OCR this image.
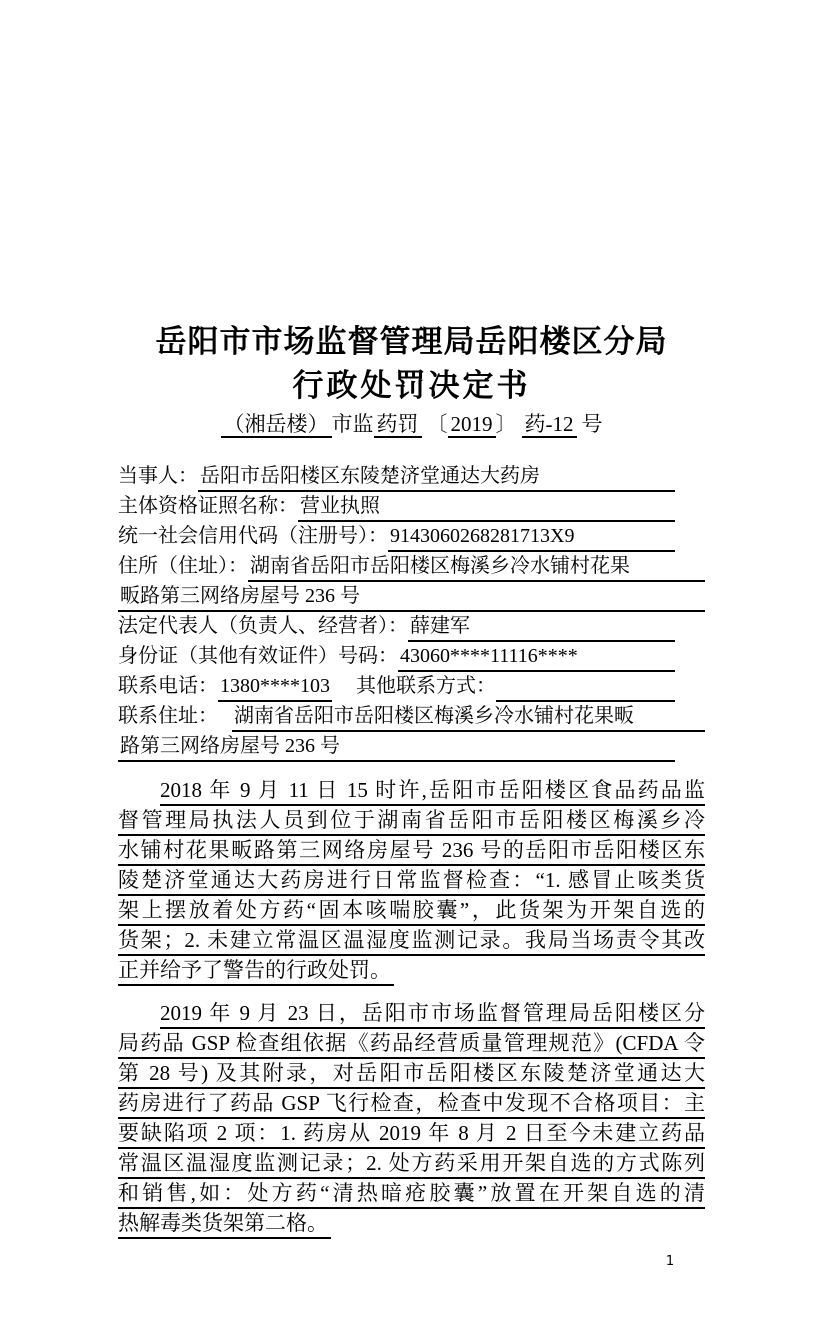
岳阳市市场监督管理局岳阳楼区分局
行政处罚决定书
（湘岳楼） 市监 药罚 〔 2019 〕 药-12 号
当事人： 岳阳市岳阳楼区东陵楚济堂通达大药房
主体资格证照名称： 营业执照
统一社会信用代码（注册号）： 9143060268281713X9
住所（住址）： 湖南省岳阳市岳阳楼区梅溪乡冷水铺村花果
畈路第三网络房屋号 236 号
法定代表人（负责人、经营者）： 薛建军
身份证（其他有效证件）号码： 43060****11116****
联系电话： 1380****103 其他联系方式：
联系住址： 湖南省岳阳市岳阳楼区梅溪乡冷水铺村花果畈
路第三网络房屋号 236 号
2018 年 9 月 11 日 15 时许,岳阳市岳阳楼区食品药品监
督管理局执法人员到位于湖南省岳阳市岳阳楼区梅溪乡冷
水铺村花果畈路第三网络房屋号 236 号的岳阳市岳阳楼区东
陵楚济堂通达大药房进行日常监督检查：“1. 感冒止咳类货
架上摆放着处方药“固本咳喘胶囊”，此货架为开架自选的
货架；2. 未建立常温区温湿度监测记录。我局当场责令其改
正并给予了警告的行政处罚。
2019 年 9 月 23 日，岳阳市市场监督管理局岳阳楼区分
局药品 GSP 检查组依据《药品经营质量管理规范》(CFDA 令
第 28 号) 及其附录，对岳阳市岳阳楼区东陵楚济堂通达大
药房进行了药品 GSP 飞行检查，检查中发现不合格项目：主
要缺陷项 2 项：1. 药房从 2019 年 8 月 2 日至今未建立药品
常温区温湿度监测记录；2. 处方药采用开架自选的方式陈列
和销售,如：处方药“清热暗疮胶囊”放置在开架自选的清
热解毒类货架第二格。
1
